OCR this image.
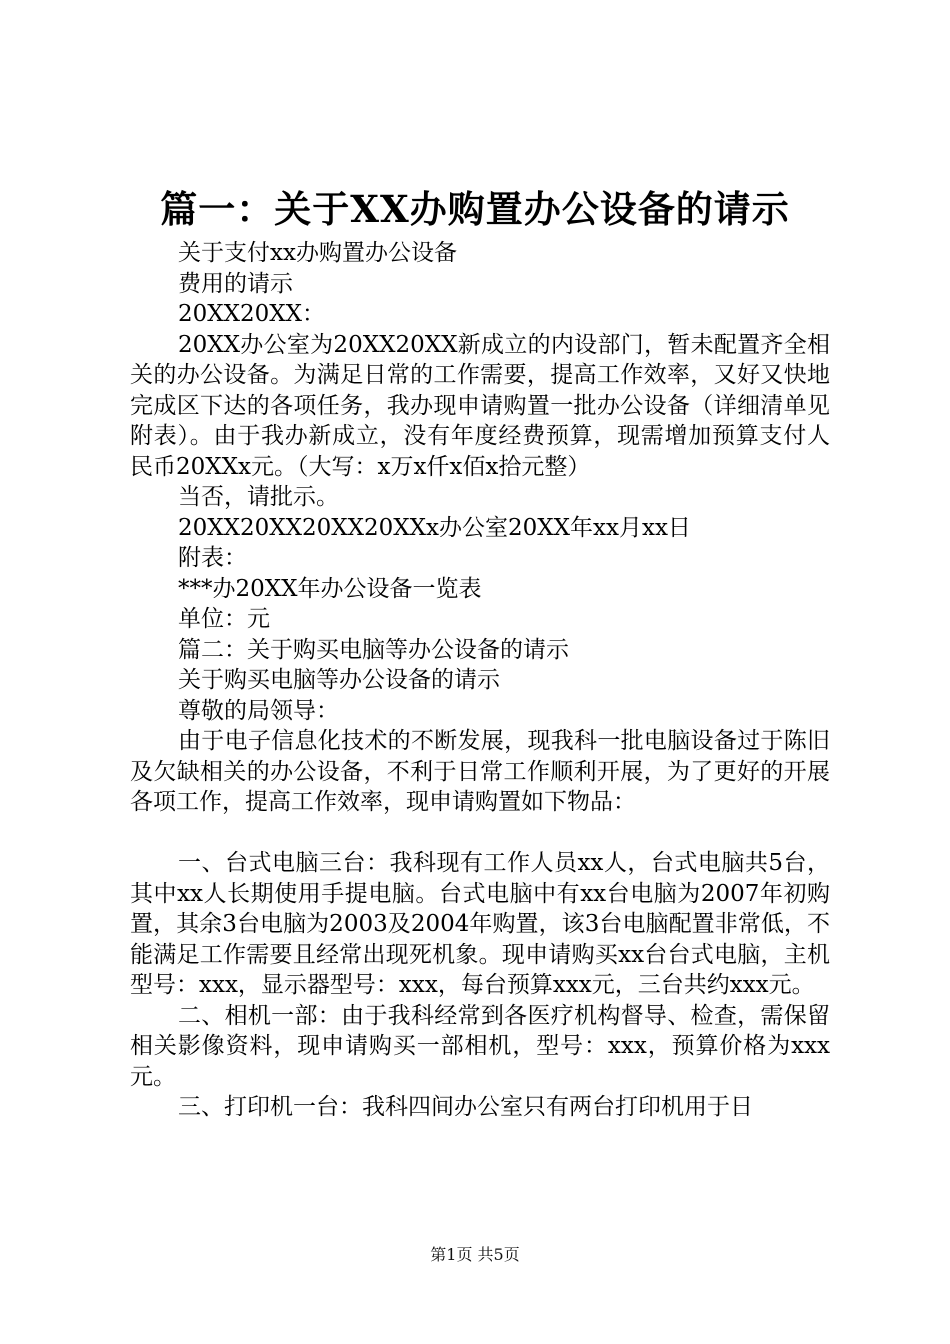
篇一：关于XX办购置办公设备的请示

关于支付xx办购置办公设备

费用的请示

20XX20XX：

20XX办公室为20XX20XX新成立的内设部门，暂未配置齐全相关的办公设备。为满足日常的工作需要，提高工作效率，又好又快地完成区下达的各项任务，我办现申请购置一批办公设备（详细清单见附表）。由于我办新成立，没有年度经费预算，现需增加预算支付人民币20XXx元。（大写：x万x仟x佰x拾元整）

当否，请批示。

20XX20XX20XX20XXx办公室20XX年xx月xx日

附表：

***办20XX年办公设备一览表

单位：元

篇二：关于购买电脑等办公设备的请示

关于购买电脑等办公设备的请示

尊敬的局领导：

由于电子信息化技术的不断发展，现我科一批电脑设备过于陈旧及欠缺相关的办公设备，不利于日常工作顺利开展，为了更好的开展各项工作，提高工作效率，现申请购置如下物品：

一、台式电脑三台：我科现有工作人员xx人，台式电脑共5台，其中xx人长期使用手提电脑。台式电脑中有xx台电脑为2007年初购置，其余3台电脑为2003及2004年购置，该3台电脑配置非常低，不能满足工作需要且经常出现死机象。现申请购买xx台台式电脑，主机型号：xxx，显示器型号：xxx，每台预算xxx元，三台共约xxx元。

二、相机一部：由于我科经常到各医疗机构督导、检查，需保留相关影像资料，现申请购买一部相机，型号：xxx，预算价格为xxx元。

三、打印机一台：我科四间办公室只有两台打印机用于日

第1页 共5页
